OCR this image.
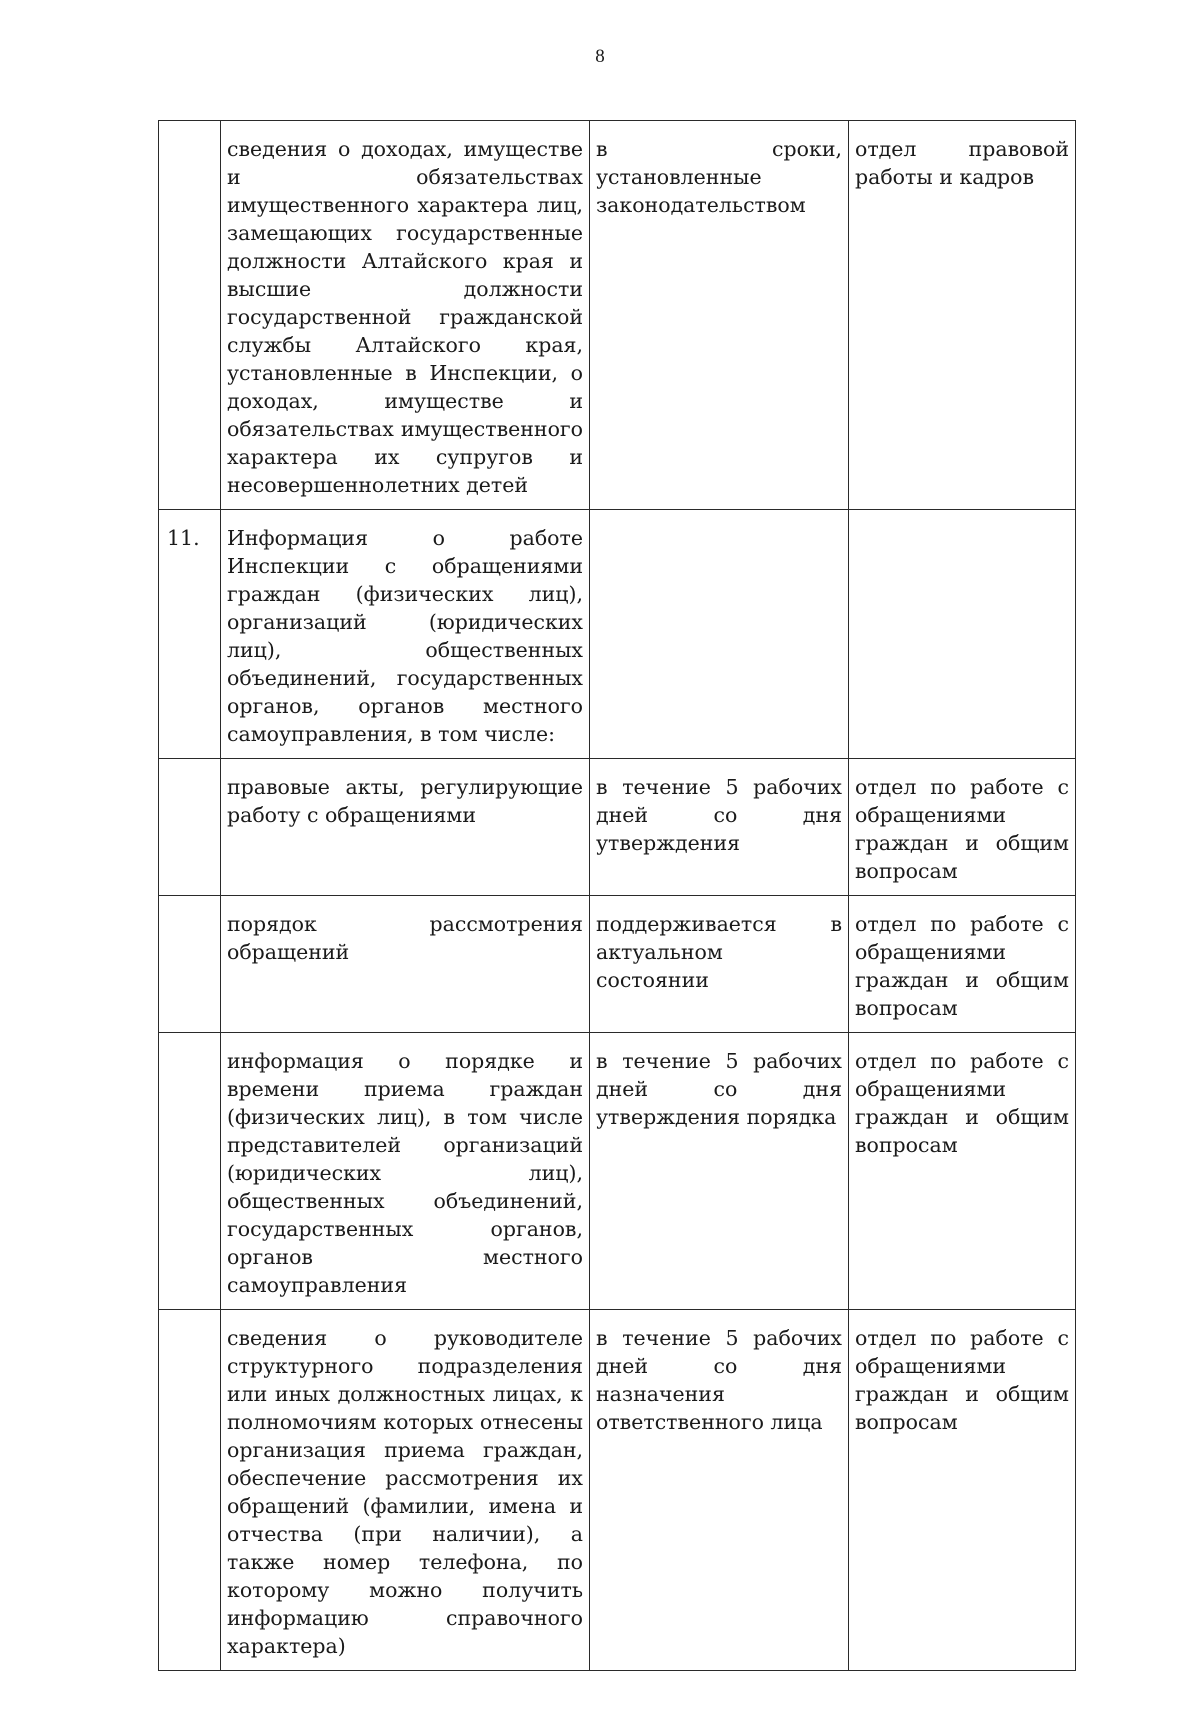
8
	сведения о доходах, имуществе и обязательствах имущественного характера лиц, замещающих государственные должности Алтайского края и высшие должности государственной гражданской службы Алтайского края, установленные в Инспекции, о доходах, имуществе и обязательствах имущественного характера их супругов и несовершеннолетних детей	в сроки, установленные законодательством	отдел правовой работы и кадров
11.	Информация о работе Инспекции с обращениями граждан (физических лиц), организаций (юридических лиц), общественных объединений, государственных органов, органов местного самоуправления, в том числе:		
	правовые акты, регулирующие работу с обращениями	в течение 5 рабочих дней со дня утверждения	отдел по работе с обращениями граждан и общим вопросам
	порядок рассмотрения обращений	поддерживается в актуальном состоянии	отдел по работе с обращениями граждан и общим вопросам
	информация о порядке и времени приема граждан (физических лиц), в том числе представителей организаций (юридических лиц), общественных объединений, государственных органов, органов местного самоуправления	в течение 5 рабочих дней со дня утверждения порядка	отдел по работе с обращениями граждан и общим вопросам
	сведения о руководителе структурного подразделения или иных должностных лицах, к полномочиям которых отнесены организация приема граждан, обеспечение рассмотрения их обращений (фамилии, имена и отчества (при наличии), а также номер телефона, по которому можно получить информацию справочного характера)	в течение 5 рабочих дней со дня назначения ответственного лица	отдел по работе с обращениями граждан и общим вопросам
